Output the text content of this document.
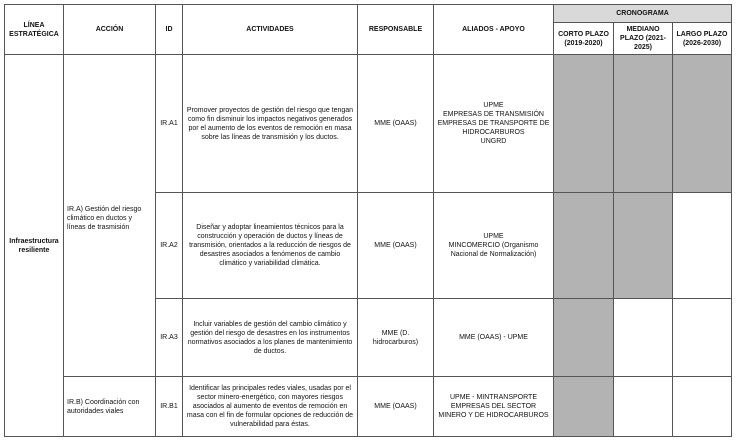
LÍNEA ESTRATÉGICA	ACCIÓN	ID	ACTIVIDADES	RESPONSABLE	ALIADOS - APOYO	CRONOGRAMA		
						CORTO PLAZO (2019-2020)	MEDIANO PLAZO (2021-2025)	LARGO PLAZO (2026-2030)
Infraestructura resiliente	IR.A) Gestión del riesgo climático en ductos y líneas de trasmisión	IR.A1	Promover proyectos de gestión del riesgo que tengan como fin disminuir los impactos negativos generados por el aumento de los eventos de remoción en masa sobre las líneas de transmisión y los ductos.	MME (OAAS)	UPME
EMPRESAS DE TRANSMISIÓN
EMPRESAS DE TRANSPORTE DE HIDROCARBUROS
UNGRD			
		IR.A2	Diseñar y adoptar lineamientos técnicos para la construcción y operación de ductos y líneas de transmisión, orientados a la reducción de riesgos de desastres asociados a fenómenos de cambio climático y variabilidad climática.	MME (OAAS)	UPME
MINCOMERCIO (Organismo Nacional de Normalización)			
		IR.A3	Incluir variables de gestión del cambio climático y gestión del riesgo de desastres en los instrumentos normativos asociados a los planes de mantenimiento de ductos.	MME (D. hidrocarburos)	MME (OAAS) - UPME			
	IR.B) Coordinación con autoridades viales	IR.B1	Identificar las principales redes viales, usadas por el sector minero-energético, con mayores riesgos asociados al aumento de eventos de remoción en masa con el fin de formular opciones de reducción de vulnerabilidad para éstas.	MME (OAAS)	UPME - MINTRANSPORTE
EMPRESAS DEL SECTOR MINERO Y DE HIDROCARBUROS			
